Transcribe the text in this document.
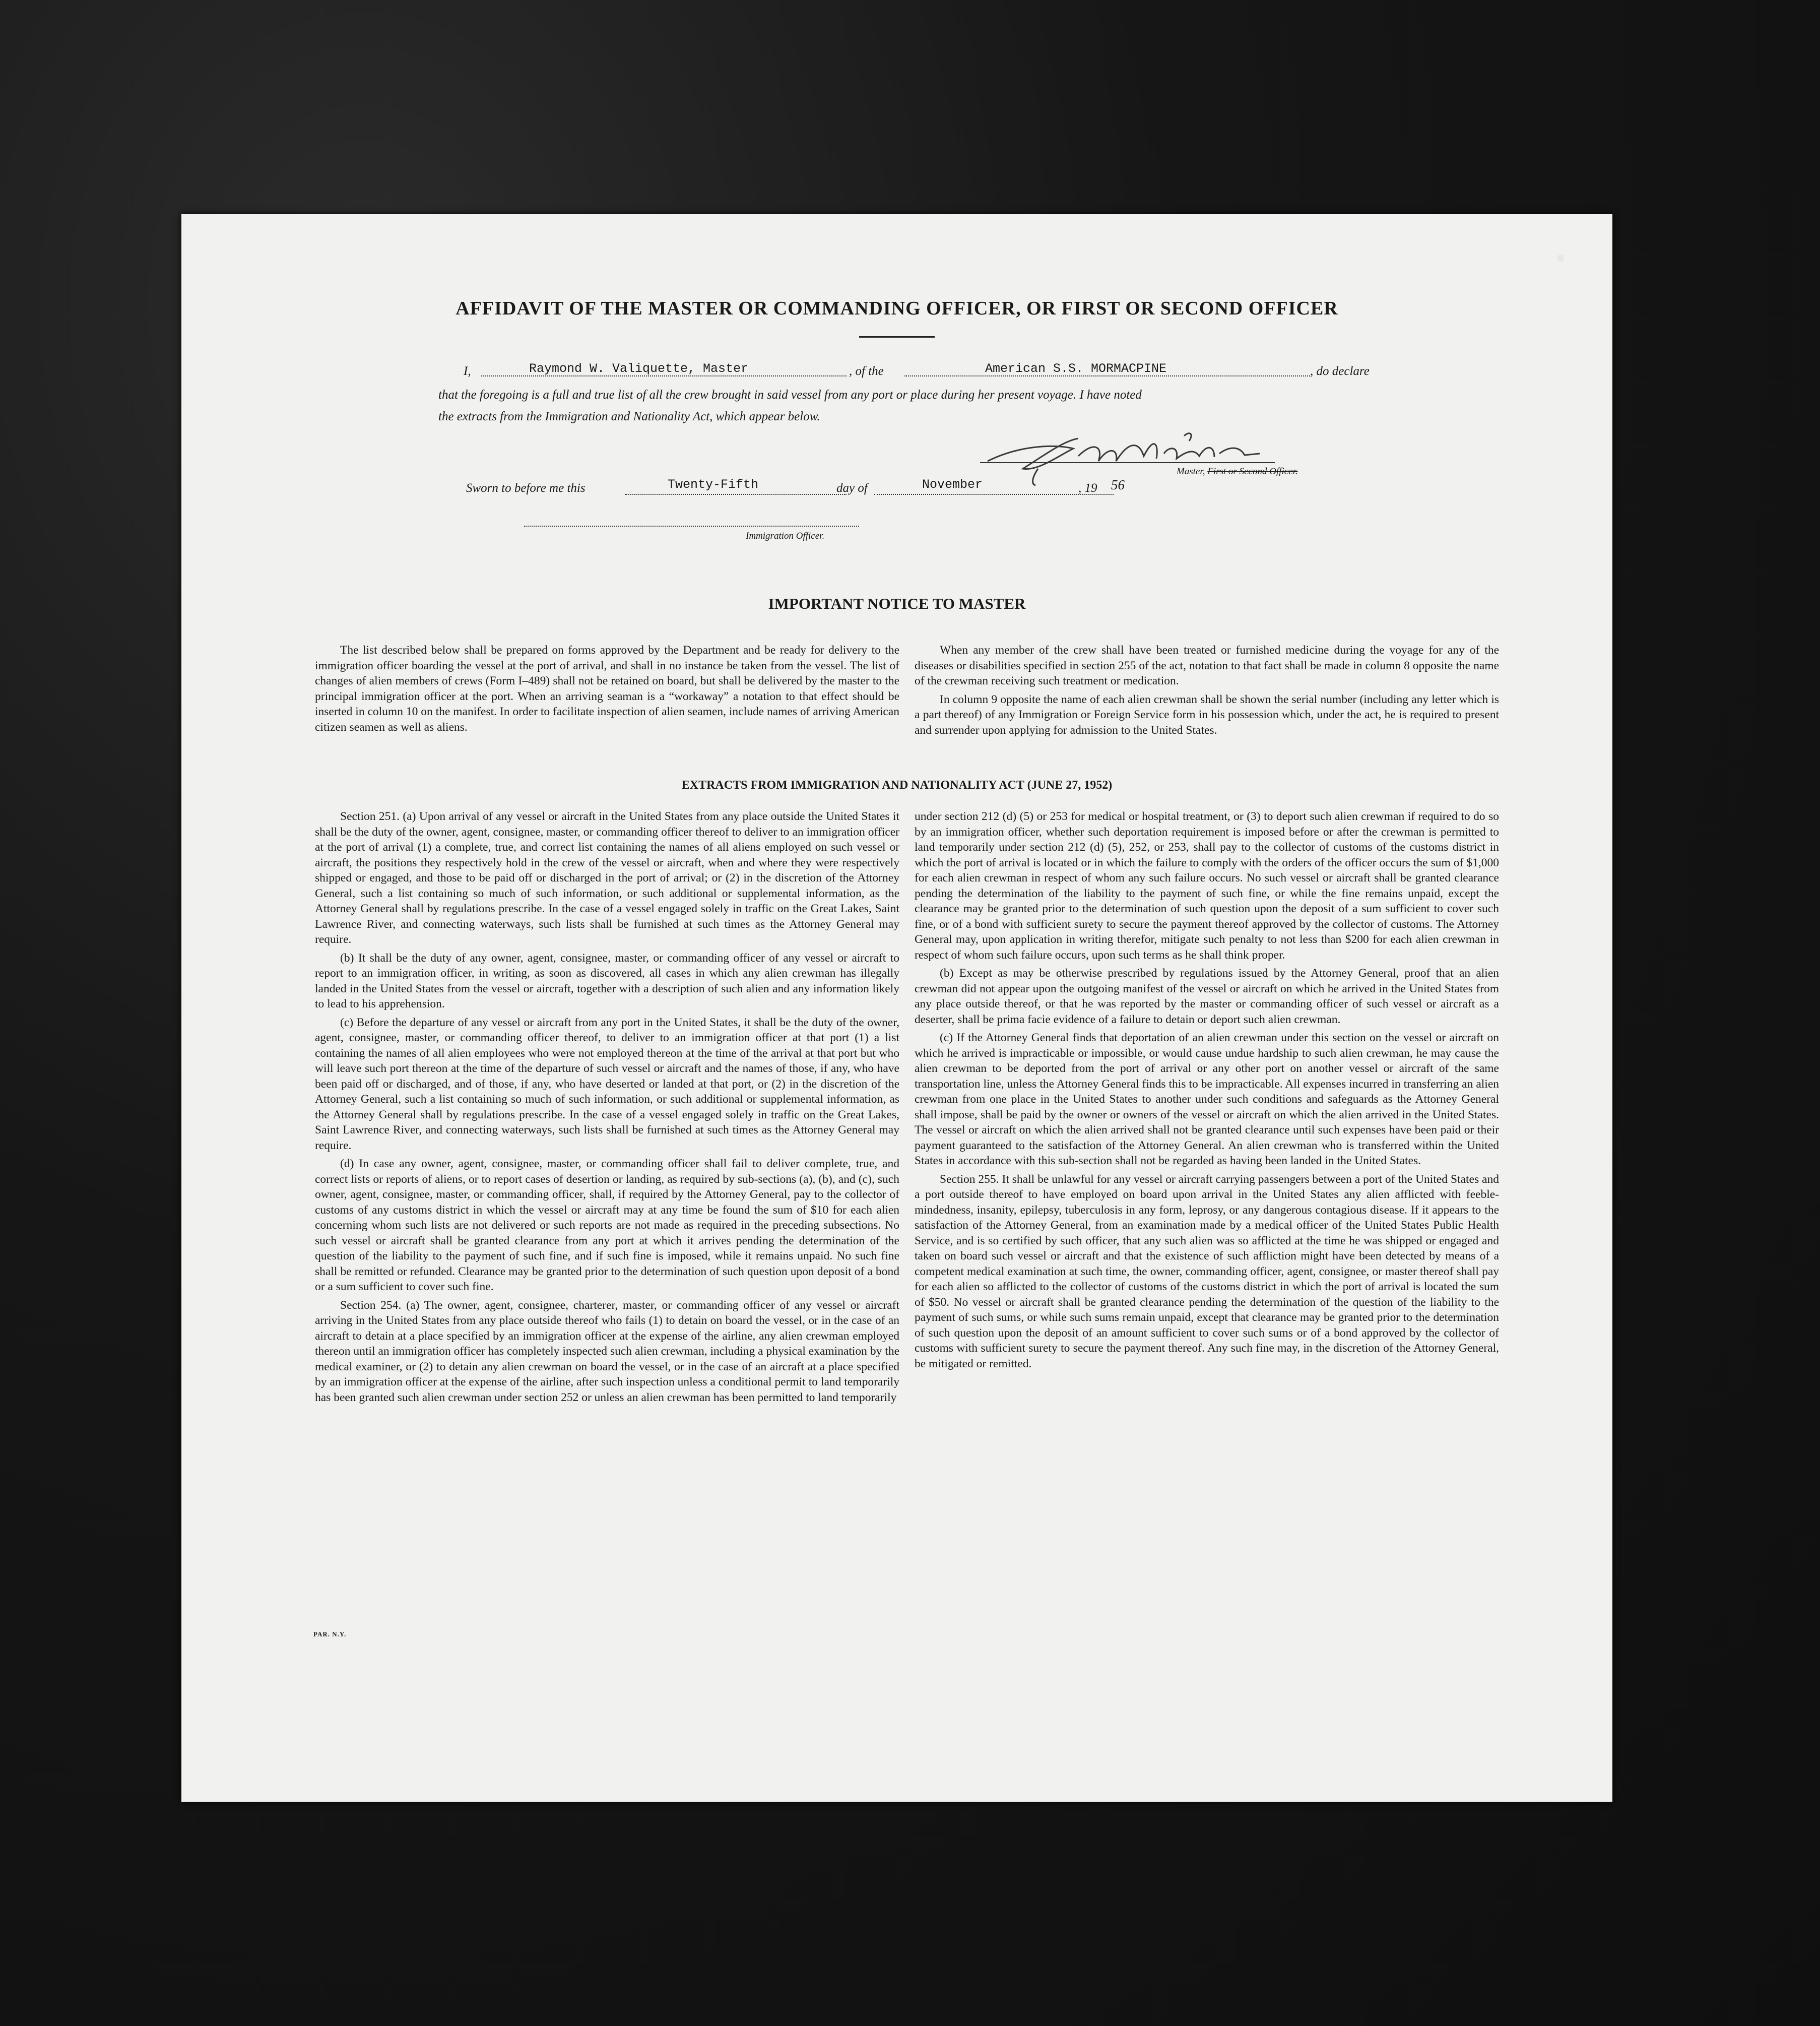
AFFIDAVIT OF THE MASTER OR COMMANDING OFFICER, OR FIRST OR SECOND OFFICER
I,	Raymond W. Valiquette, Master	, of the	American S.S. MORMACPINE	, do declare
that the foregoing is a full and true list of all the crew brought in said vessel from any port or place during her present voyage. I have noted
the extracts from the Immigration and Nationality Act, which appear below.
Master, First or Second Officer.
Sworn to before me this	Twenty-Fifth	day of	November	, 19 56
Immigration Officer.
IMPORTANT NOTICE TO MASTER

The list described below shall be prepared on forms approved by the Department and be ready for delivery to the immigration officer boarding the vessel at the port of arrival, and shall in no instance be taken from the vessel. The list of changes of alien members of crews (Form I–489) shall not be retained on board, but shall be delivered by the master to the principal immigration officer at the port. When an arriving seaman is a “workaway” a notation to that effect should be inserted in column 10 on the manifest. In order to facilitate inspection of alien seamen, include names of arriving American citizen seamen as well as aliens.

When any member of the crew shall have been treated or furnished medicine during the voyage for any of the diseases or disabilities specified in section 255 of the act, notation to that fact shall be made in column 8 opposite the name of the crewman receiving such treatment or medication.

In column 9 opposite the name of each alien crewman shall be shown the serial number (including any letter which is a part thereof) of any Immigration or Foreign Service form in his possession which, under the act, he is required to present and surrender upon applying for admission to the United States.

EXTRACTS FROM IMMIGRATION AND NATIONALITY ACT (JUNE 27, 1952)

Section 251. (a) Upon arrival of any vessel or aircraft in the United States from any place outside the United States it shall be the duty of the owner, agent, consignee, master, or commanding officer thereof to deliver to an immigration officer at the port of arrival (1) a complete, true, and correct list containing the names of all aliens employed on such vessel or aircraft, the positions they respectively hold in the crew of the vessel or aircraft, when and where they were respectively shipped or engaged, and those to be paid off or discharged in the port of arrival; or (2) in the discretion of the Attorney General, such a list containing so much of such information, or such additional or supplemental information, as the Attorney General shall by regulations prescribe. In the case of a vessel engaged solely in traffic on the Great Lakes, Saint Lawrence River, and connecting waterways, such lists shall be furnished at such times as the Attorney General may require.

(b) It shall be the duty of any owner, agent, consignee, master, or commanding officer of any vessel or aircraft to report to an immigration officer, in writing, as soon as discovered, all cases in which any alien crewman has illegally landed in the United States from the vessel or aircraft, together with a description of such alien and any information likely to lead to his apprehension.

(c) Before the departure of any vessel or aircraft from any port in the United States, it shall be the duty of the owner, agent, consignee, master, or commanding officer thereof, to deliver to an immigration officer at that port (1) a list containing the names of all alien employees who were not employed thereon at the time of the arrival at that port but who will leave such port thereon at the time of the departure of such vessel or aircraft and the names of those, if any, who have been paid off or discharged, and of those, if any, who have deserted or landed at that port, or (2) in the discretion of the Attorney General, such a list containing so much of such information, or such additional or supplemental information, as the Attorney General shall by regulations prescribe. In the case of a vessel engaged solely in traffic on the Great Lakes, Saint Lawrence River, and connecting waterways, such lists shall be furnished at such times as the Attorney General may require.

(d) In case any owner, agent, consignee, master, or commanding officer shall fail to deliver complete, true, and correct lists or reports of aliens, or to report cases of desertion or landing, as required by sub-sections (a), (b), and (c), such owner, agent, consignee, master, or commanding officer, shall, if required by the Attorney General, pay to the collector of customs of any customs district in which the vessel or aircraft may at any time be found the sum of $10 for each alien concerning whom such lists are not delivered or such reports are not made as required in the preceding subsections. No such vessel or aircraft shall be granted clearance from any port at which it arrives pending the determination of the question of the liability to the payment of such fine, and if such fine is imposed, while it remains unpaid. No such fine shall be remitted or refunded. Clearance may be granted prior to the determination of such question upon deposit of a bond or a sum sufficient to cover such fine.

Section 254. (a) The owner, agent, consignee, charterer, master, or commanding officer of any vessel or aircraft arriving in the United States from any place outside thereof who fails (1) to detain on board the vessel, or in the case of an aircraft to detain at a place specified by an immigration officer at the expense of the airline, any alien crewman employed thereon until an immigration officer has completely inspected such alien crewman, including a physical examination by the medical examiner, or (2) to detain any alien crewman on board the vessel, or in the case of an aircraft at a place specified by an immigration officer at the expense of the airline, after such inspection unless a conditional permit to land temporarily has been granted such alien crewman under section 252 or unless an alien crewman has been permitted to land temporarily

under section 212 (d) (5) or 253 for medical or hospital treatment, or (3) to deport such alien crewman if required to do so by an immigration officer, whether such deportation requirement is imposed before or after the crewman is permitted to land temporarily under section 212 (d) (5), 252, or 253, shall pay to the collector of customs of the customs district in which the port of arrival is located or in which the failure to comply with the orders of the officer occurs the sum of $1,000 for each alien crewman in respect of whom any such failure occurs. No such vessel or aircraft shall be granted clearance pending the determination of the liability to the payment of such fine, or while the fine remains unpaid, except the clearance may be granted prior to the determination of such question upon the deposit of a sum sufficient to cover such fine, or of a bond with sufficient surety to secure the payment thereof approved by the collector of customs. The Attorney General may, upon application in writing therefor, mitigate such penalty to not less than $200 for each alien crewman in respect of whom such failure occurs, upon such terms as he shall think proper.

(b) Except as may be otherwise prescribed by regulations issued by the Attorney General, proof that an alien crewman did not appear upon the outgoing manifest of the vessel or aircraft on which he arrived in the United States from any place outside thereof, or that he was reported by the master or commanding officer of such vessel or aircraft as a deserter, shall be prima facie evidence of a failure to detain or deport such alien crewman.

(c) If the Attorney General finds that deportation of an alien crewman under this section on the vessel or aircraft on which he arrived is impracticable or impossible, or would cause undue hardship to such alien crewman, he may cause the alien crewman to be deported from the port of arrival or any other port on another vessel or aircraft of the same transportation line, unless the Attorney General finds this to be impracticable. All expenses incurred in transferring an alien crewman from one place in the United States to another under such conditions and safeguards as the Attorney General shall impose, shall be paid by the owner or owners of the vessel or aircraft on which the alien arrived in the United States. The vessel or aircraft on which the alien arrived shall not be granted clearance until such expenses have been paid or their payment guaranteed to the satisfaction of the Attorney General. An alien crewman who is transferred within the United States in accordance with this sub-section shall not be regarded as having been landed in the United States.

Section 255. It shall be unlawful for any vessel or aircraft carrying passengers between a port of the United States and a port outside thereof to have employed on board upon arrival in the United States any alien afflicted with feeble-mindedness, insanity, epilepsy, tuberculosis in any form, leprosy, or any dangerous contagious disease. If it appears to the satisfaction of the Attorney General, from an examination made by a medical officer of the United States Public Health Service, and is so certified by such officer, that any such alien was so afflicted at the time he was shipped or engaged and taken on board such vessel or aircraft and that the existence of such affliction might have been detected by means of a competent medical examination at such time, the owner, commanding officer, agent, consignee, or master thereof shall pay for each alien so afflicted to the collector of customs of the customs district in which the port of arrival is located the sum of $50. No vessel or aircraft shall be granted clearance pending the determination of the question of the liability to the payment of such sums, or while such sums remain unpaid, except that clearance may be granted prior to the determination of such question upon the deposit of an amount sufficient to cover such sums or of a bond approved by the collector of customs with sufficient surety to secure the payment thereof. Any such fine may, in the discretion of the Attorney General, be mitigated or remitted.

PAR. N.Y.
